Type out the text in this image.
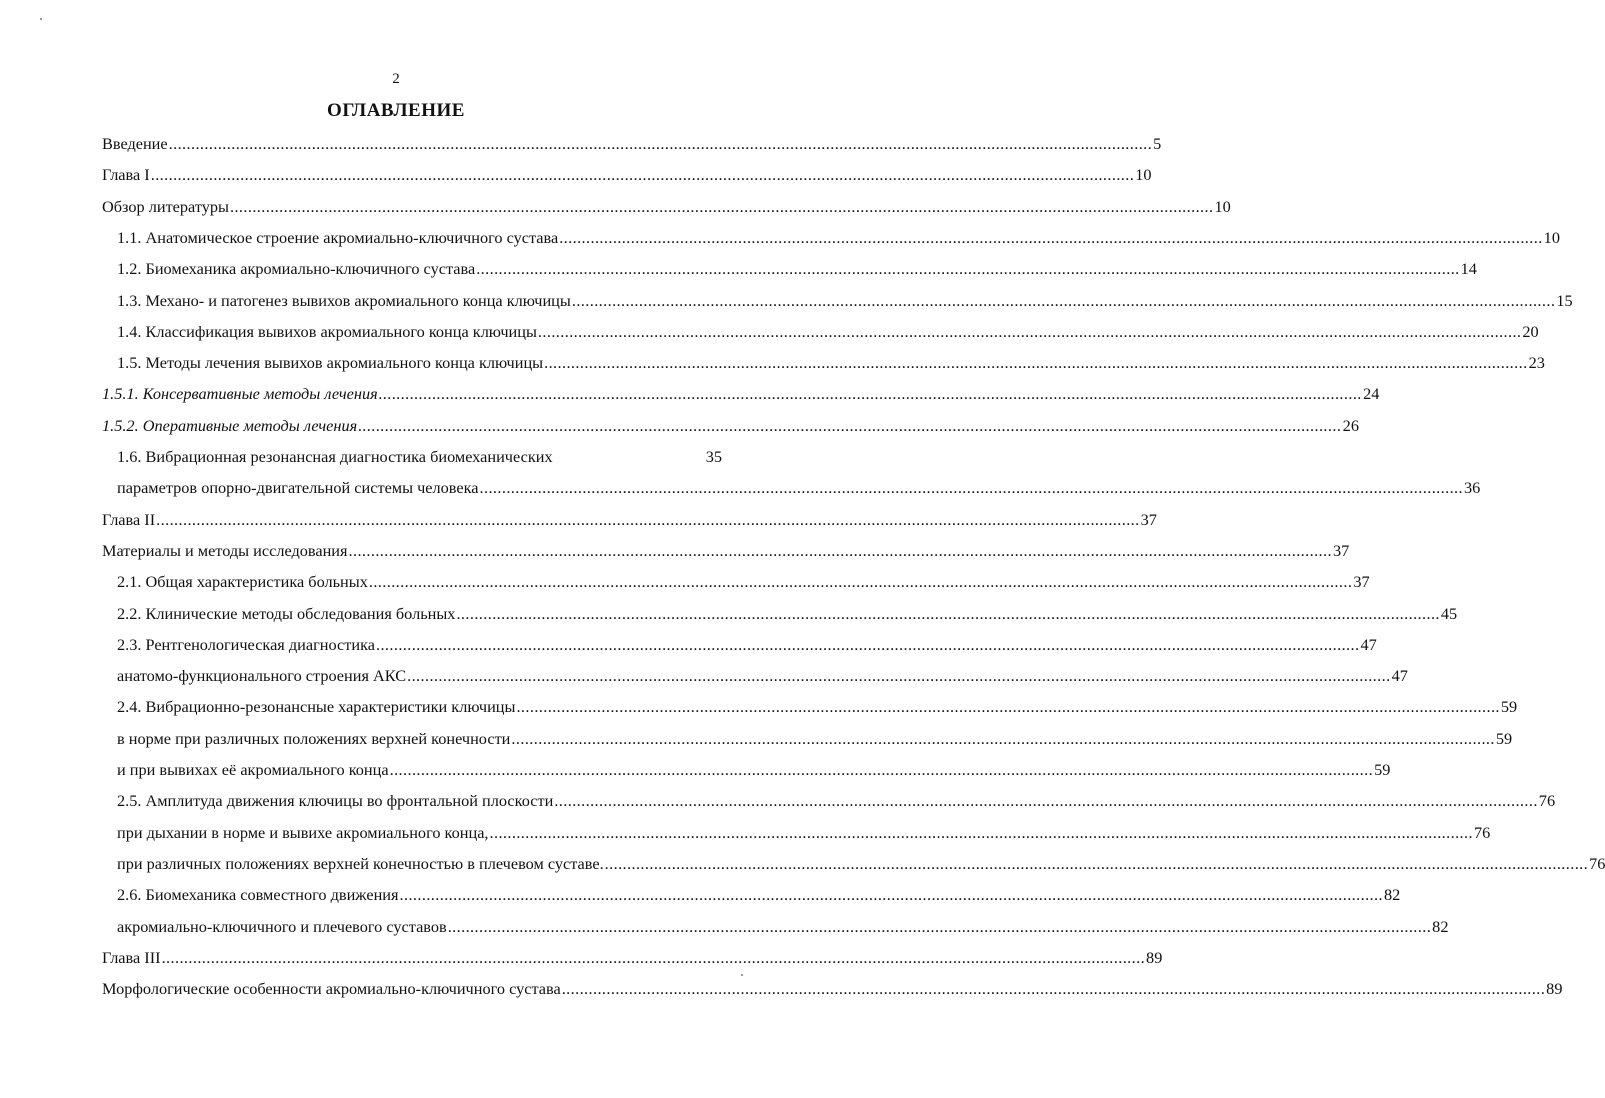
2
ОГЛАВЛЕНИЕ
Введение ............................................................................................................................................................................................................................ 5
Глава I ............................................................................................................................................................................................................................ 10
Обзор литературы ............................................................................................................................................................................................................................ 10
1.1. Анатомическое строение акромиально-ключичного сустава ............................................................................................................................................................................................................................ 10
1.2. Биомеханика акромиально-ключичного сустава ............................................................................................................................................................................................................................ 14
1.3. Механо- и патогенез вывихов акромиального конца ключицы ............................................................................................................................................................................................................................ 15
1.4. Классификация вывихов акромиального конца ключицы ............................................................................................................................................................................................................................ 20
1.5. Методы лечения вывихов акромиального конца ключицы ............................................................................................................................................................................................................................ 23
1.5.1. Консервативные методы лечения ............................................................................................................................................................................................................................ 24
1.5.2. Оперативные методы лечения ............................................................................................................................................................................................................................ 26
1.6. Вибрационная резонансная диагностика биомеханических	35
параметров опорно-двигательной системы человека ............................................................................................................................................................................................................................ 36
Глава II ............................................................................................................................................................................................................................ 37
Материалы и методы исследования ............................................................................................................................................................................................................................ 37
2.1. Общая характеристика больных ............................................................................................................................................................................................................................ 37
2.2. Клинические методы обследования больных ............................................................................................................................................................................................................................ 45
2.3. Рентгенологическая диагностика ............................................................................................................................................................................................................................ 47
анатомо-функционального строения АКС ............................................................................................................................................................................................................................ 47
2.4. Вибрационно-резонансные характеристики ключицы ............................................................................................................................................................................................................................ 59
в норме при различных положениях верхней конечности ............................................................................................................................................................................................................................ 59
и при вывихах её акромиального конца ............................................................................................................................................................................................................................ 59
2.5. Амплитуда движения ключицы во фронтальной плоскости ............................................................................................................................................................................................................................ 76
при дыхании в норме и вывихе акромиального конца, ............................................................................................................................................................................................................................ 76
при различных положениях верхней конечностью в плечевом суставе. ............................................................................................................................................................................................................................ 76
2.6. Биомеханика совместного движения ............................................................................................................................................................................................................................ 82
акромиально-ключичного и плечевого суставов ............................................................................................................................................................................................................................ 82
Глава III ............................................................................................................................................................................................................................ 89
Морфологические особенности акромиально-ключичного сустава ............................................................................................................................................................................................................................ 89
